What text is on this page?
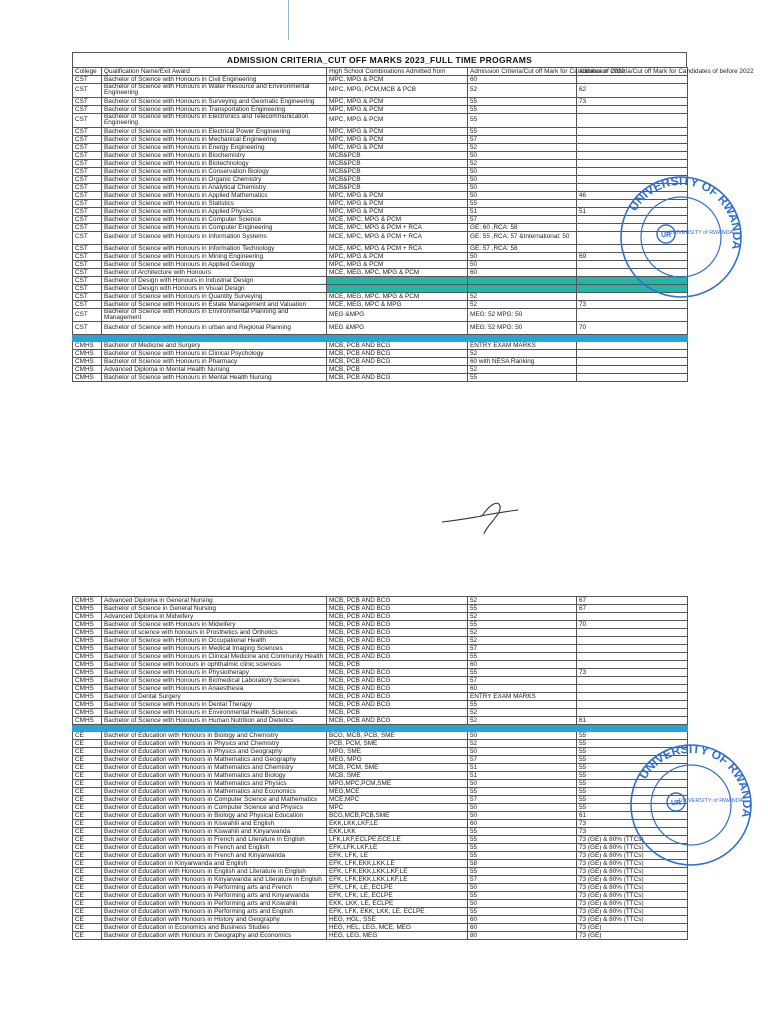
ADMISSION CRITERIA_CUT OFF MARKS 2023_FULL TIME PROGRAMS
College	Qualification Name/Exit Award	High School Combinations Admitted from	Admission Criteria/Cut off Mark for Candidates of 2022	Admission Criteria/Cut off Mark for Candidates of before 2022
CST	Bachelor of Science with Honours in Civil Engineering	MPC, MPG & PCM	60	
CST	Bachelor of Science with Honours in Water Resource and Environmental Engineering	MPC, MPG, PCM,MCB & PCB	52	62
CST	Bachelor of Science with Honours in Surveying and Geomatic Engineering	MPC, MPG & PCM	55	73
CST	Bachelor of Science with Honours in Transportation Engineering	MPC, MPG & PCM	55	
CST	Bachelor of Science with Honours in Electronics and Telecommunication Engineering	MPC, MPG & PCM	55	
CST	Bachelor of Science with Honours in Electrical Power Engineering	MPC, MPG & PCM	55	
CST	Bachelor of Science with Honours in Mechanical Engineering	MPC, MPG & PCM	57	
CST	Bachelor of Science with Honours in Energy Engineering	MPC, MPG & PCM	52	
CST	Bachelor of Science with Honours in Biochemistry	MCB&PCB	50	
CST	Bachelor of Science with Honours in Biotechnology	MCB&PCB	52	
CST	Bachelor of Science with Honours in Conservation Biology	MCB&PCB	50	
CST	Bachelor of Science with Honours in Organic Chemistry	MCB&PCB	50	
CST	Bachelor of Science with Honours in Analytical Chemistry	MCB&PCB	50	
CST	Bachelor of Science with Honours in Applied Mathematics	MPC, MPG & PCM	50	46
CST	Bachelor of Science with Honours in Statistics	MPC, MPG & PCM	55	
CST	Bachelor of Science with Honours in Applied Physics	MPC, MPG & PCM	51	51
CST	Bachelor of Science with Honours in Computer Science	MCE, MPC, MPG & PCM	57	
CST	Bachelor of Science with Honours in Computer Engineering	MCE, MPC, MPG & PCM + RCA	GE: 60 ,RCA: 58	
CST	Bachelor of Science with Honours in Information Systems	MCE, MPC, MPG & PCM + RCA	GE: 55 ,RCA: 57 &International: 50	
CST	Bachelor of Science with Honours in Information Technology	MCE, MPC, MPG & PCM + RCA	GE: 57 ,RCA: 58	
CST	Bachelor of Science with Honours in Mining Engineering	MPC, MPG & PCM	50	69
CST	Bachelor of Science with Honours in Applied Geology	MPC, MPG & PCM	50	
CST	Bachelor of Architecture with Honours	MCE, MEG, MPC, MPG & PCM	60	
CST	Bachelor of Design with Honours in Industrial Design			
CST	Bachelor of Design with Honours in Visual Design			
CST	Bachelor of Science with Honours in Quantity Surveying	MCE, MEG, MPC, MPG & PCM	52	
CST	Bachelor of Science with Honours in Estate Management and Valuation	MCE, MEG, MPC & MPG	52	73
CST	Bachelor of Science with Honours in Environmental Planning and Management	MEG &MPG	MEG: 52 MPG: 50	
CST	Bachelor of Science with Honours in urban and Regional Planning	MEG &MPG	MEG: 52 MPG: 50	70

CMHS	Bachelor of Medicine and Surgery	MCB, PCB AND BCG	ENTRY EXAM MARKS	
CMHS	Bachelor of Science with Honours in Clinical Psychology	MCB, PCB AND BCG	52	
CMHS	Bachelor of Science with Honours in Pharmacy	MCB, PCB AND BCG	60 with NESA Ranking	
CMHS	Advanced Diploma in Mental Health Nursing	MCB, PCB	52	
CMHS	Bachelor of Science with Honours in Mental Health Nursing	MCB, PCB AND BCG	55	
CMHS	Advanced Diploma in General Nursing	MCB, PCB AND BCG	52	67
CMHS	Bachelor of Science in General Nursing	MCB, PCB AND BCG	55	67
CMHS	Advanced Diploma in Midwifery	MCB, PCB AND BCG	52	
CMHS	Bachelor of Science with Honours in Midwifery	MCB, PCB AND BCG	55	70
CMHS	Bachelor of science with honours in Prosthetics and Orthotics	MCB, PCB AND BCG	52	
CMHS	Bachelor of Science with Honours in Occupational Health	MCB, PCB AND BCG	52	
CMHS	Bachelor of Science with Honours in Medical Imaging Sciences	MCB, PCB AND BCG	57	
CMHS	Bachelor of Science with Honours in Clinical Medicine and Community Health	MCB, PCB AND BCG	55	
CMHS	Bachelor of Science with honours in ophthalmic clinic sciences	MCB, PCB	60	
CMHS	Bachelor of Science with Honours in Physiotherapy	MCB, PCB AND BCG	55	73
CMHS	Bachelor of Science with Honours in Biomedical Laboratory Sciences	MCB, PCB AND BCG	57	
CMHS	Bachelor of Science with Honours in Anaesthesia	MCB, PCB AND BCG	60	
CMHS	Bachelor of Dental Surgery	MCB, PCB AND BCG	ENTRY EXAM MARKS	
CMHS	Bachelor of Science with Honours in Dental Therapy	MCB, PCB AND BCG	55	
CMHS	Bachelor of Science with Honours in Environmental Health Sciences	MCB, PCB	52	
CMHS	Bachelor of Science with Honours in Human Nutrition and Dietetics	MCB, PCB AND BCG	52	61

CE	Bachelor of Education with Honours in Biology and Chemistry	BCG, MCB, PCB, SME	50	55
CE	Bachelor of Education with Honours in Physics and Chemistry	PCB, PCM, SME	52	55
CE	Bachelor of Education with Honours in Physics and Geography	MPG, SME	50	55
CE	Bachelor of Education with Honours in Mathematics and Geography	MEG, MPG	57	55
CE	Bachelor of Education with Honours in Mathematics and Chemistry	MCB, PCM, SME	51	55
CE	Bachelor of Education with Honours in Mathematics and Biology	MCB, SME	51	55
CE	Bachelor of Education with Honours in Mathematics and Physics	MPG,MPC,PCM,SME	50	55
CE	Bachelor of Education with Honours in Mathematics and Economics	MEG,MCE	55	55
CE	Bachelor of Education with Honours in Computer Science and Mathematics	MCE,MPC	57	55
CE	Bachelor of Education with Honours in Computer Science and Physics	MPC	50	55
CE	Bachelor of Education with Honours in Biology and Physical Education	BCG,MCB,PCB,SME	50	61
CE	Bachelor of Education with Honours in Kiswahili and English	EKK,LKK,LKF,LE	60	73
CE	Bachelor of Education with Honours in Kiswahili and Kinyarwanda	EKK,LKK	55	73
CE	Bachelor of Education with Honours in French and Literature in English	LFK,LKF,ECLPE,ECE,LE	55	73 (GE) & 80% (TTCs)
CE	Bachelor of Education with Honours in French and English	EFK,LFK,LKF,LE	55	73 (GE) & 80% (TTCs)
CE	Bachelor of Education with Honours in French and Kinyarwanda	EFK, LFK, LE	55	73 (GE) & 80% (TTCs)
CE	Bachelor of Education in Kinyarwanda and English	EFK, LFK,EKK,LKK,LE	58	73 (GE) & 80% (TTCs)
CE	Bachelor of Education with Honours in English and Literature in English	EFK, LFK,EKK,LKK,LKF,LE	55	73 (GE) & 80% (TTCs)
CE	Bachelor of Education with Honours in Kinyarwanda and Literature in English	EFK, LFK,EKK,LKK,LKF,LE	57	73 (GE) & 80% (TTCs)
CE	Bachelor of Education with Honours in Performing arts and French	EFK, LFK, LE, ECLPE	50	73 (GE) & 80% (TTCs)
CE	Bachelor of Education with Honours in Performing arts and Kinyarwanda	EFK, LFK, LE, ECLPE	55	73 (GE) & 80% (TTCs)
CE	Bachelor of Education with Honours in Performing arts and Kiswahili	EKK, LKK, LE, ECLPE	50	73 (GE) & 80% (TTCs)
CE	Bachelor of Education with Honours in Performing arts and English	EFK, LFK, EKK, LKK, LE, ECLPE	55	73 (GE) & 80% (TTCs)
CE	Bachelor of Education with Honours in History and Geography	HEG, HGL, SSE	60	73 (GE) & 80% (TTCs)
CE	Bachelor of Education in Economics and Business Studies	HEG, HEL, LEG, MCE, MEG	60	73 (GE)
CE	Bachelor of Education with Honours in Geography and Economics	HEG, LEG, MEG	80	73 (GE)
UNIVERSITY OF RWANDA
UR
UNIVERSITY of RWANDA
UNIVERSITY OF RWANDA
UR
UNIVERSITY of RWANDA
